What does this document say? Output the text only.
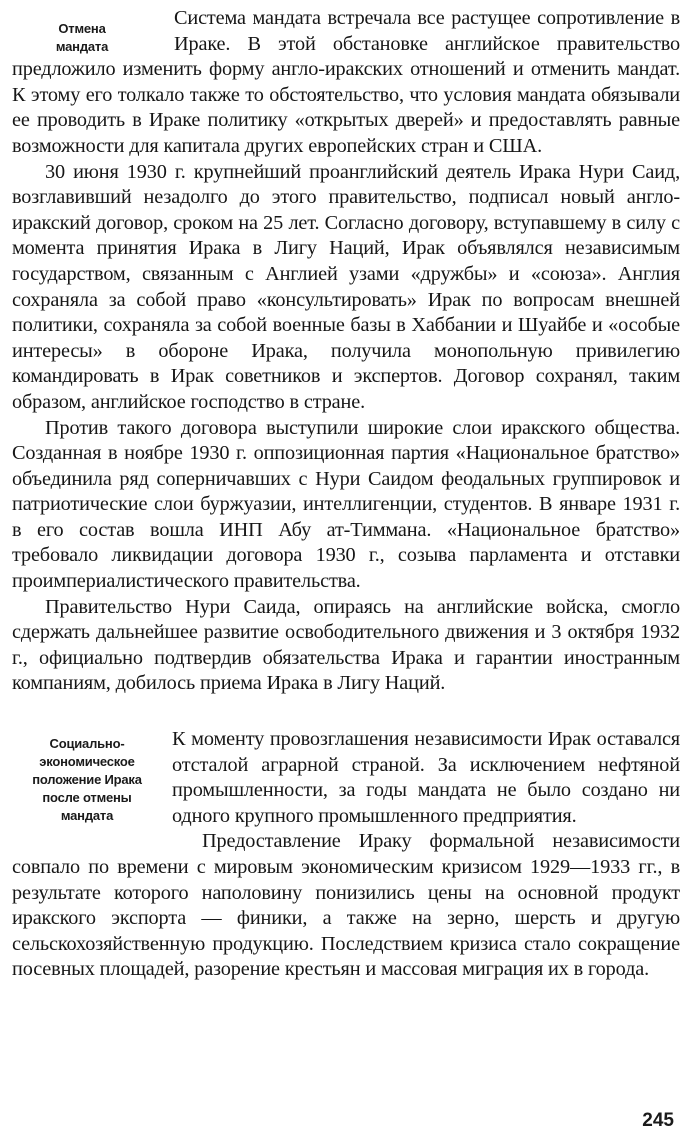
Отмена
мандата

Система мандата встречала все растущее сопротивление в Ираке. В этой обстановке английское правительство предложило изменить форму англо-иракских отношений и отменить мандат. К этому его толкало также то обстоятельство, что условия мандата обязывали ее проводить в Ираке политику «открытых дверей» и предоставлять равные возможности для капитала других европейских стран и США.

30 июня 1930 г. крупнейший проанглийский деятель Ирака Нури Саид, возглавивший незадолго до этого правительство, подписал новый англо-иракский договор, сроком на 25 лет. Согласно договору, вступавшему в силу с момента принятия Ирака в Лигу Наций, Ирак объявлялся независимым государством, связанным с Англией узами «дружбы» и «союза». Англия сохраняла за собой право «консультировать» Ирак по вопросам внешней политики, сохраняла за собой военные базы в Хаббании и Шуайбе и «особые интересы» в обороне Ирака, получила монопольную привилегию командировать в Ирак советников и экспертов. Договор сохранял, таким образом, английское господство в стране.

Против такого договора выступили широкие слои иракского общества. Созданная в ноябре 1930 г. оппозиционная партия «Национальное братство» объединила ряд соперничавших с Нури Саидом феодальных группировок и патриотические слои буржуазии, интеллигенции, студентов. В январе 1931 г. в его состав вошла ИНП Абу ат-Тиммана. «Национальное братство» требовало ликвидации договора 1930 г., созыва парламента и отставки проимпериалистического правительства.

Правительство Нури Саида, опираясь на английские войска, смогло сдержать дальнейшее развитие освободительного движения и 3 октября 1932 г., официально подтвердив обязательства Ирака и гарантии иностранным компаниям, добилось приема Ирака в Лигу Наций.

Социально-
экономическое
положение Ирака
после отмены
мандата

К моменту провозглашения независимости Ирак оставался отсталой аграрной страной. За исключением нефтяной промышленности, за годы мандата не было создано ни одного крупного промышленного предприятия.

Предоставление Ираку формальной независимости совпало по времени с мировым экономическим кризисом 1929—1933 гг., в результате которого наполовину понизились цены на основной продукт иракского экспорта — финики, а также на зерно, шерсть и другую сельскохозяйственную продукцию. Последствием кризиса стало сокращение посевных площадей, разорение крестьян и массовая миграция их в города.

245
